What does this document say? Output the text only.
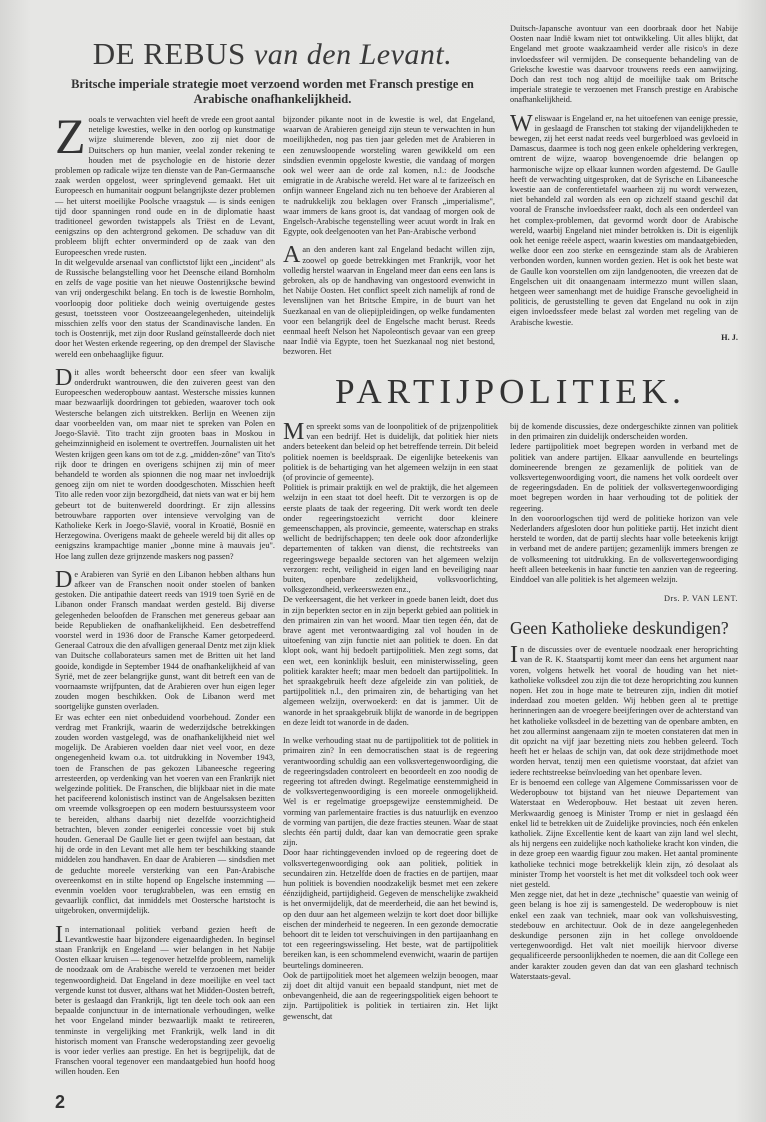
DE REBUS van den Levant.
Britsche imperiale strategie moet verzoend worden met Fransch prestige en Arabische onafhankelijkheid.

Zooals te verwachten viel heeft de vrede een groot aantal netelige kwesties, welke in den oorlog op kunstmatige wijze sluimerende bleven, zoo zij niet door de Duitschers op hun manier, veelal zonder rekening te houden met de psychologie en de historie dezer problemen op radicale wijze ten dienste van de Pan-Germaansche zaak werden opgelost, weer springlevend gemaakt. Het uit Europeesch en humanitair oogpunt belangrijkste dezer problemen — het uiterst moeilijke Poolsche vraagstuk — is sinds eenigen tijd door spanningen rond oude en in de diplomatie haast traditioneel geworden twistappels als Triëst en de Levant, eenigszins op den achtergrond gekomen. De schaduw van dit probleem blijft echter onverminderd op de zaak van den Europeeschen vrede rusten.

In dit welgevulde arsenaal van conflictstof lijkt een „incident" als de Russische belangstelling voor het Deensche eiland Bornholm en zelfs de vage positie van het nieuwe Oostenrijksche bewind van vrij ondergeschikt belang. En toch is de kwestie Bornholm, voorloopig door politieke doch weinig overtuigende gestes gesust, toetssteen voor Oostzeeaangelegenheden, uiteindelijk misschien zelfs voor den status der Scandinavische landen. En toch is Oostenrijk, met zijn door Rusland geïnstalleerde doch niet door het Westen erkende regeering, op den drempel der Slavische wereld een onbehaaglijke figuur.

Dit alles wordt beheerscht door een sfeer van kwalijk onderdrukt wantrouwen, die den zuiveren geest van den Europeeschen wederopbouw aantast. Westersche missies kunnen maar bezwaarlijk doordringen tot gebieden, waarover toch ook Westersche belangen zich uitstrekken. Berlijn en Weenen zijn daar voorbeelden van, om maar niet te spreken van Polen en Joego-Slavië. Tito tracht zijn grooten baas in Moskou in geheimzinnigheid en isolement te overtreffen. Journalisten uit het Westen krijgen geen kans om tot de z.g. „midden-zône" van Tito's rijk door te dringen en overigens schijnen zij min of meer behandeld te worden als spionnen die nog maar net invloedrijk genoeg zijn om niet te worden doodgeschoten. Misschien heeft Tito alle reden voor zijn bezorgdheid, dat niets van wat er bij hem gebeurt tot de buitenwereld doordringt. Er zijn allessins betrouwbare rapporten over intensieve vervolging van de Katholieke Kerk in Joego-Slavië, vooral in Kroatië, Bosnië en Herzegowina. Overigens maakt de geheele wereld bij dit alles op eenigszins krampachtige manier „bonne mine à mauvais jeu". Hoe lang zullen deze grijnzende maskers nog passen?

De Arabieren van Syrië en den Libanon hebben althans hun afkeer van de Franschen nooit onder stoelen of banken gestoken. Die antipathie dateert reeds van 1919 toen Syrië en de Libanon onder Fransch mandaat werden gesteld. Bij diverse gelegenheden beloofden de Franschen met genereus gebaar aan beide Republieken de onafhankelijkheid. Een desbetreffend voorstel werd in 1936 door de Fransche Kamer getorpedeerd. Generaal Catroux die den afvalligen generaal Dentz met zijn kliek van Duitsche collaborateurs samen met de Britten uit het land gooide, kondigde in September 1944 de onafhankelijkheid af van Syrië, met de zeer belangrijke gunst, want dit betreft een van de voornaamste wrijfpunten, dat de Arabieren over hun eigen leger zouden mogen beschikken. Ook de Libanon werd met soortgelijke gunsten overladen.

Er was echter een niet onbeduidend voorbehoud. Zonder een verdrag met Frankrijk, waarin de wederzijdsche betrekkingen zouden worden vastgelegd, was de onafhankelijkheid niet wel mogelijk. De Arabieren voelden daar niet veel voor, en deze ongenegenheid kwam o.a. tot uitdrukking in November 1943, toen de Franschen de pas gekozen Libaneesche regeering arresteerden, op verdenking van het voeren van een Frankrijk niet welgezinde politiek. De Franschen, die blijkbaar niet in die mate het pacifeerend kolonistisch instinct van de Angelsaksen bezitten om vreemde volksgroepen op een modern bestuurssysteem voor te bereiden, althans daarbij niet dezelfde voorzichtigheid betrachten, bleven zonder eenigerlei concessie voet bij stuk houden. Generaal De Gaulle liet er geen twijfel aan bestaan, dat hij de orde in den Levant met alle hem ter beschikking staande middelen zou handhaven. En daar de Arabieren — sindsdien met de geduchte moreele versterking van een Pan-Arabische overeenkomst en in stilte hopend op Engelsche instemming — evenmin voelden voor terugkrabbelen, was een ernstig en gevaarlijk conflict, dat inmiddels met Oostersche hartstocht is uitgebroken, onvermijdelijk.

In internationaal politiek verband gezien heeft de Levantkwestie haar bijzondere eigenaardigheden. In beginsel staan Frankrijk en Engeland — wier belangen in het Nabije Oosten elkaar kruisen — tegenover hetzelfde probleem, namelijk de noodzaak om de Arabische wereld te verzoenen met beider tegenwoordigheid. Dat Engeland in deze moeilijke en veel tact vergende kunst tot dusver, althans wat het Midden-Oosten betreft, beter is geslaagd dan Frankrijk, ligt ten deele toch ook aan een bepaalde conjunctuur in de internationale verhoudingen, welke het voor Engeland minder bezwaarlijk maakt te retireeren, tenminste in vergelijking met Frankrijk, welk land in dit historisch moment van Fransche wederopstanding zeer gevoelig is voor ieder verlies aan prestige. En het is begrijpelijk, dat de Franschen vooral tegenover een mandaatgebied hun hoofd hoog willen houden. Een

2

bijzonder pikante noot in de kwestie is wel, dat Engeland, waarvan de Arabieren geneigd zijn steun te verwachten in hun moeilijkheden, nog pas tien jaar geleden met de Arabieren in een zenuwsloopende worsteling waren gewikkeld om een sindsdien evenmin opgeloste kwestie, die vandaag of morgen ook wel weer aan de orde zal komen, n.l.: de Joodsche emigratie in de Arabische wereld. Het ware al te farizeeïsch en onfijn wanneer Engeland zich nu ten behoeve der Arabieren al te nadrukkelijk zou beklagen over Fransch „imperialisme", waar immers de kans groot is, dat vandaag of morgen ook de Engelsch-Arabische tegenstelling weer acuut wordt in Irak en Egypte, ook deelgenooten van het Pan-Arabische verbond

Aan den anderen kant zal Engeland bedacht willen zijn, zoowel op goede betrekkingen met Frankrijk, voor het volledig herstel waarvan in Engeland meer dan eens een lans is gebroken, als op de handhaving van ongestoord evenwicht in het Nabije Oosten. Het conflict speelt zich namelijk af rond de levenslijnen van het Britsche Empire, in de buurt van het Suezkanaal en van de oliepijpleidingen, op welke fundamenten voor een belangrijk deel de Engelsche macht berust. Reeds eenmaal heeft Nelson het Napoleontisch gevaar van een greep naar Indië via Egypte, toen het Suezkanaal nog niet bestond, bezworen. Het

Duitsch-Japansche avontuur van een doorbraak door het Nabije Oosten naar Indië kwam niet tot ontwikkeling. Uit alles blijkt, dat Engeland met groote waakzaamheid verder alle risico's in deze invloedssfeer wil vermijden. De consequente behandeling van de Grieksche kwestie was daarvoor trouwens reeds een aanwijzing. Doch dan rest toch nog altijd de moeilijke taak om Britsche imperiale strategie te verzoenen met Fransch prestige en Arabische onafhankelijkheid.

Weliswaar is Engeland er, na het uitoefenen van eenige pressie, in geslaagd de Franschen tot staking der vijandelijkheden te bewegen, zij het eerst nadat reeds veel burgerbloed was gevloeid in Damascus, daarmee is toch nog geen enkele opheldering verkregen, omtrent de wijze, waarop bovengenoemde drie belangen op harmonische wijze op elkaar kunnen worden afgestemd. De Gaulle heeft de verwachting uitgesproken, dat de Syrische en Libaneesche kwestie aan de conferentietafel waarheen zij nu wordt verwezen, niet behandeld zal worden als een op zichzelf staand geschil dat vooral de Fransche invloedssfeer raakt, doch als een onderdeel van het complex-problemen, dat gevormd wordt door de Arabische wereld, waarbij Engeland niet minder betrokken is. Dit is eigenlijk ook het eenige reëele aspect, waarin kwesties om mandaatgebieden, welke door een zoo sterke en eensgezinde stam als de Arabieren verbonden worden, kunnen worden gezien. Het is ook het beste wat de Gaulle kon voorstellen om zijn landgenooten, die vreezen dat de Engelschen uit dit onaangenaam intermezzo munt willen slaan, hetgeen weer samenhangt met de huidige Fransche gevoeligheid in politicis, de geruststelling te geven dat Engeland nu ook in zijn eigen invloedssfeer mede belast zal worden met regeling van de Arabische kwestie.

H. J.
PARTIJPOLITIEK.

Men spreekt soms van de loonpolitiek of de prijzenpolitiek van een bedrijf. Het is duidelijk, dat politiek hier niets anders beteekent dan beleid op het betreffende terrein. Dit beleid politiek noemen is beeldspraak. De eigenlijke beteekenis van politiek is de behartiging van het algemeen welzijn in een staat (of provincie of gemeente).

Politiek is primair praktijk en wel de praktijk, die het algemeen welzijn in een staat tot doel heeft. Dit te verzorgen is op de eerste plaats de taak der regeering. Dit werk wordt ten deele onder regeeringstoezicht verricht door kleinere gemeenschappen, als provincie, gemeente, waterschap en straks wellicht de bedrijfschappen; ten deele ook door afzonderlijke departementen of takken van dienst, die rechtstreeks van regeeringswege bepaalde sectoren van het algemeen welzijn verzorgen: recht, veiligheid in eigen land en beveiliging naar buiten, openbare zedelijkheid, volksvoorlichting, volksgezondheid, verkeerswezen enz.,

De verkeersagent, die het verkeer in goede banen leidt, doet dus in zijn beperkten sector en in zijn beperkt gebied aan politiek in den primairen zin van het woord. Maar tien tegen één, dat de brave agent met verontwaardiging zal vol houden in de uitoefening van zijn functie niet aan politiek te doen. En dat klopt ook, want hij bedoelt partijpolitiek. Men zegt soms, dat een wet, een koninklijk besluit, een ministerwisseling, geen politiek karakter heeft; maar men bedoelt dan partijpolitiek. In het spraakgebruik heeft deze afgeleide zin van politiek, de partijpolitiek n.l., den primairen zin, de behartiging van het algemeen welzijn, overwoekerd: en dat is jammer. Uit de wanorde in het spraakgebruik blijkt de wanorde in de begrippen en deze leidt tot wanorde in de daden.

In welke verhouding staat nu de partijpolitiek tot de politiek in primairen zin? In een democratischen staat is de regeering verantwoording schuldig aan een volksvertegenwoordiging, die de regeeringsdaden controleert en beoordeelt en zoo noodig de regeering tot aftreden dwingt. Regelmatige eenstemmigheid in de volksvertegenwoordiging is een moreele onmogelijkheid. Wel is er regelmatige groepsgewijze eenstemmigheid. De vorming van parlementaire fracties is dus natuurlijk en evenzoo de vorming van partijen, die deze fracties steunen. Waar de staat slechts één partij duldt, daar kan van democratie geen sprake zijn.

Door haar richtinggevenden invloed op de regeering doet de volksvertegenwoordiging ook aan politiek, politiek in secundairen zin. Hetzelfde doen de fracties en de partijen, maar hun politiek is bovendien noodzakelijk besmet met een zekere éénzijdigheid, partijdigheid. Gegeven de menschelijke zwakheid is het onvermijdelijk, dat de meerderheid, die aan het bewind is, op den duur aan het algemeen welzijn te kort doet door billijke eischen der minderheid te negeeren. In een gezonde democratie behoort dit te leiden tot verschuivingen in den partijaanhang en tot een regeeringswisseling. Het beste, wat de partijpolitiek bereiken kan, is een schommelend evenwicht, waarin de partijen beurtelings domineeren.

Ook de partijpolitiek moet het algemeen welzijn beoogen, maar zij doet dit altijd vanuit een bepaald standpunt, niet met de onbevangenheid, die aan de regeeringspolitiek eigen behoort te zijn. Partijpolitiek is politiek in tertiairen zin. Het lijkt gewenscht, dat

bij de komende discussies, deze ondergeschikte zinnen van politiek in den primairen zin duidelijk onderscheiden worden.

Iedere partijpolitiek moet begrepen worden in verband met de politiek van andere partijen. Elkaar aanvullende en beurtelings domineerende brengen ze gezamenlijk de politiek van de volksvertegenwoordiging voort, die namens het volk oordeelt over de regeeringsdaden. En de politiek der volksvertegenwoordiging moet begrepen worden in haar verhouding tot de politiek der regeering.

In den vooroorlogschen tijd werd de politieke horizon van vele Nederlanders afgesloten door hun politieke partij. Het inzicht dient hersteld te worden, dat de partij slechts haar volle beteekenis krijgt in verband met de andere partijen; gezamenlijk immers brengen ze de volksmeening tot uitdrukking. En de volksvertegenwoordiging heeft alleen beteekenis in haar functie ten aanzien van de regeering. Einddoel van alle politiek is het algemeen welzijn.

Drs. P. VAN LENT.
Geen Katholieke deskundigen?

In de discussies over de eventuele noodzaak ener heroprichting van de R. K. Staatspartij komt meer dan eens het argument naar voren, volgens hetwelk het vooral de houding van het niet-katholieke volksdeel zou zijn die tot deze heroprichting zou kunnen nopen. Het zou in hoge mate te betreuren zijn, indien dit motief inderdaad zou moeten gelden. Wij hebben geen al te prettige herinneringen aan de vroegere beeijferingen over de achterstand van het katholieke volksdeel in de bezetting van de openbare ambten, en het zou allerminst aangenaam zijn te moeten constateren dat men in dit opzicht na vijf jaar bezetting niets zou hebben geleerd. Toch heeft het er helaas de schijn van, dat ook deze strijdmethode moet worden hervat, tenzij men een quietisme voorstaat, dat afziet van iedere rechtstreekse beïnvloeding van het openbare leven.

Er is benoemd een college van Algemene Commissarissen voor de Wederopbouw tot bijstand van het nieuwe Departement van Waterstaat en Wederopbouw. Het bestaat uit zeven heren. Merkwaardig genoeg is Minister Tromp er niet in geslaagd één enkel lid te betrekken uit de Zuidelijke provincies, noch één enkelen katholiek. Zijne Excellentie kent de kaart van zijn land wel slecht, als hij nergens een zuidelijke noch katholieke kracht kon vinden, die in deze groep een waardig figuur zou maken. Het aantal prominente katholieke technici moge betrekkelijk klein zijn, zó desolaat als minister Tromp het voorstelt is het met dit volksdeel toch ook weer niet gesteld.

Men zegge niet, dat het in deze „technische" quaestie van weinig of geen belang is hoe zij is samengesteld. De wederopbouw is niet enkel een zaak van techniek, maar ook van volkshuisvesting, stedebouw en architectuur. Ook de in deze aangelegenheden deskundige personen zijn in het college onvoldoende vertegenwoordigd. Het valt niet moeilijk hiervoor diverse gequalificeerde persoonlijkheden te noemen, die aan dit College een ander karakter zouden geven dan dat van een glashard technisch Waterstaats-geval.
